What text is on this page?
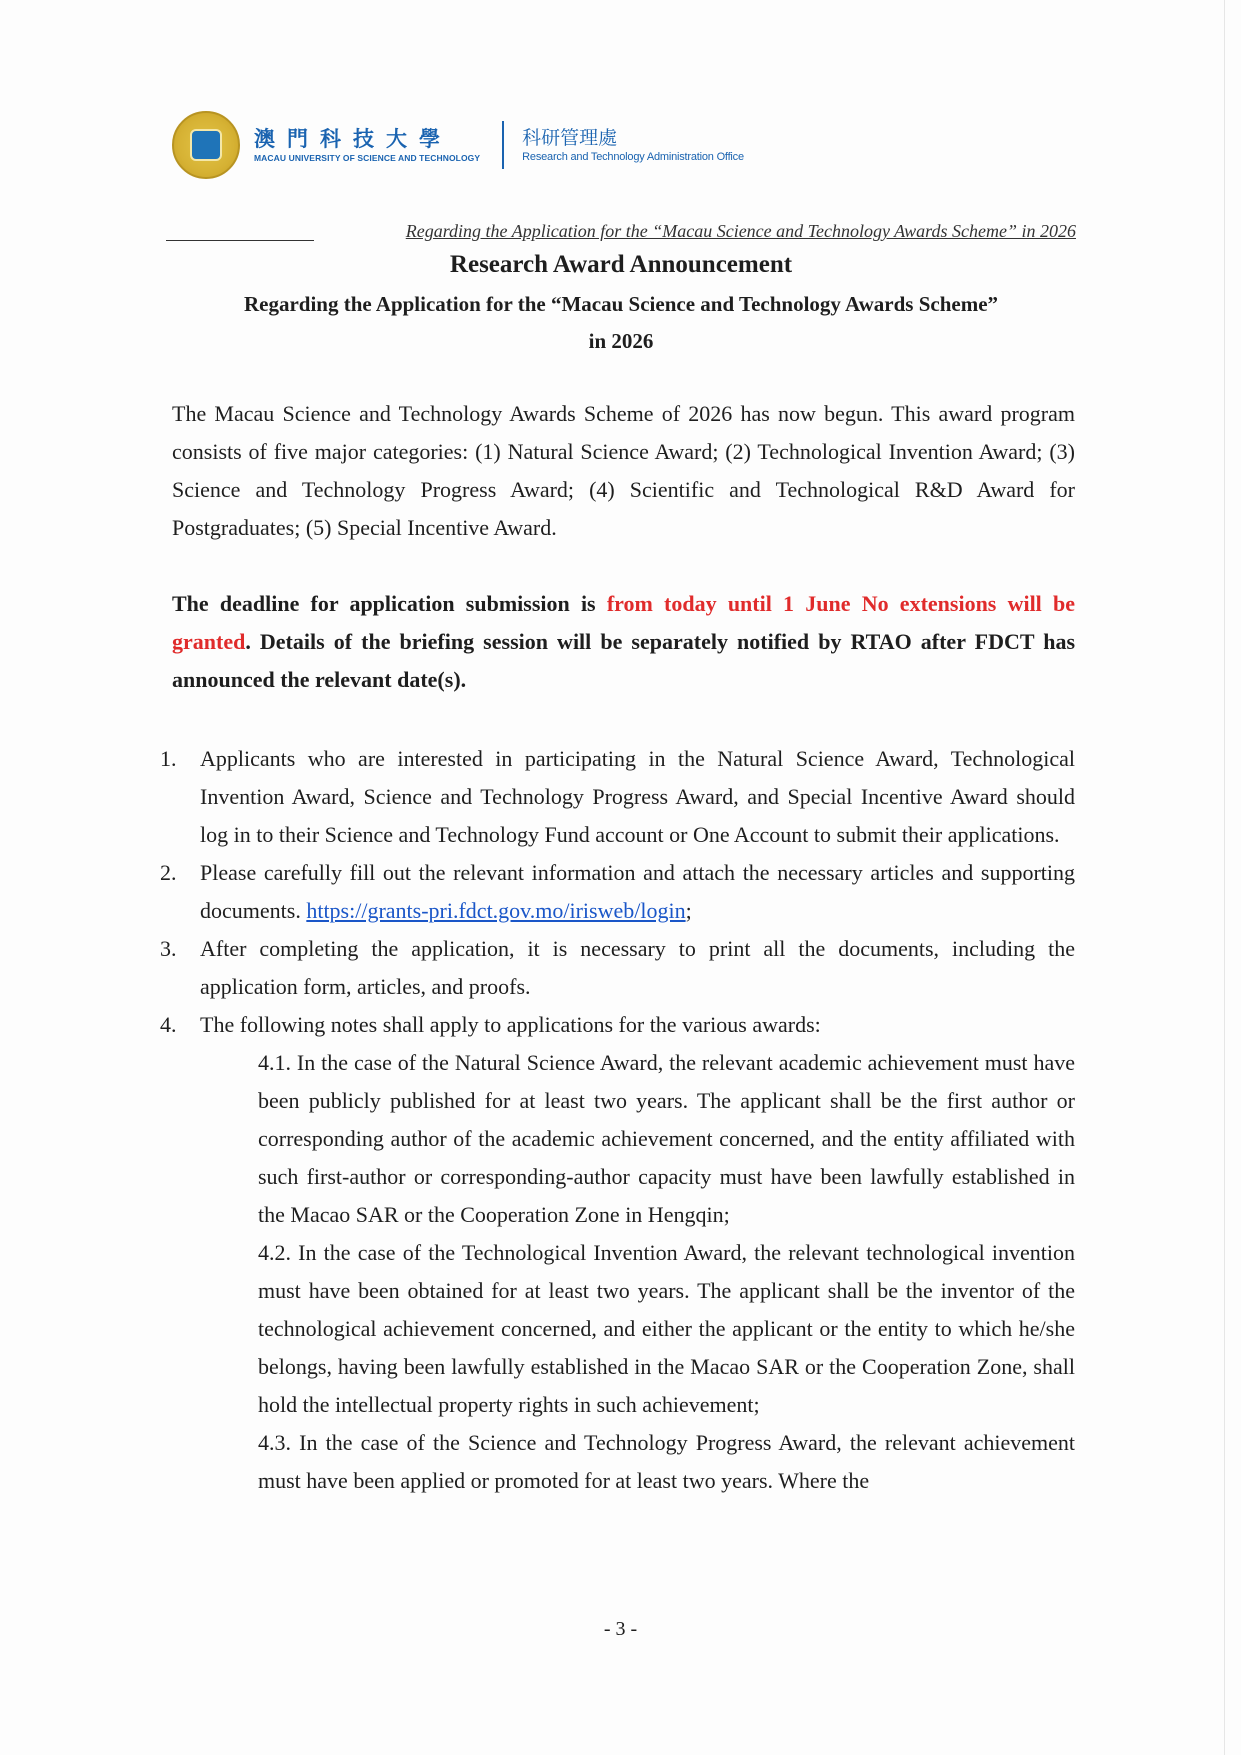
澳門科技大學
MACAU UNIVERSITY OF SCIENCE AND TECHNOLOGY
科研管理處
Research and Technology Administration Office
Regarding the Application for the “Macau Science and Technology Awards Scheme” in 2026
Research Award Announcement
Regarding the Application for the “Macau Science and Technology Awards Scheme”
in 2026

The Macau Science and Technology Awards Scheme of 2026 has now begun. This award program consists of five major categories: (1) Natural Science Award; (2) Technological Invention Award; (3) Science and Technology Progress Award; (4) Scientific and Technological R&D Award for Postgraduates; (5) Special Incentive Award.

The deadline for application submission is from today until 1 June No extensions will be granted. Details of the briefing session will be separately notified by RTAO after FDCT has announced the relevant date(s).

1. Applicants who are interested in participating in the Natural Science Award, Technological Invention Award, Science and Technology Progress Award, and Special Incentive Award should log in to their Science and Technology Fund account or One Account to submit their applications.
2. Please carefully fill out the relevant information and attach the necessary articles and supporting documents. https://grants-pri.fdct.gov.mo/irisweb/login;
3. After completing the application, it is necessary to print all the documents, including the application form, articles, and proofs.
4. The following notes shall apply to applications for the various awards:
4.1. In the case of the Natural Science Award, the relevant academic achievement must have been publicly published for at least two years. The applicant shall be the first author or corresponding author of the academic achievement concerned, and the entity affiliated with such first-author or corresponding-author capacity must have been lawfully established in the Macao SAR or the Cooperation Zone in Hengqin;
4.2. In the case of the Technological Invention Award, the relevant technological invention must have been obtained for at least two years. The applicant shall be the inventor of the technological achievement concerned, and either the applicant or the entity to which he/she belongs, having been lawfully established in the Macao SAR or the Cooperation Zone, shall hold the intellectual property rights in such achievement;
4.3. In the case of the Science and Technology Progress Award, the relevant achievement must have been applied or promoted for at least two years. Where the
- 3 -
